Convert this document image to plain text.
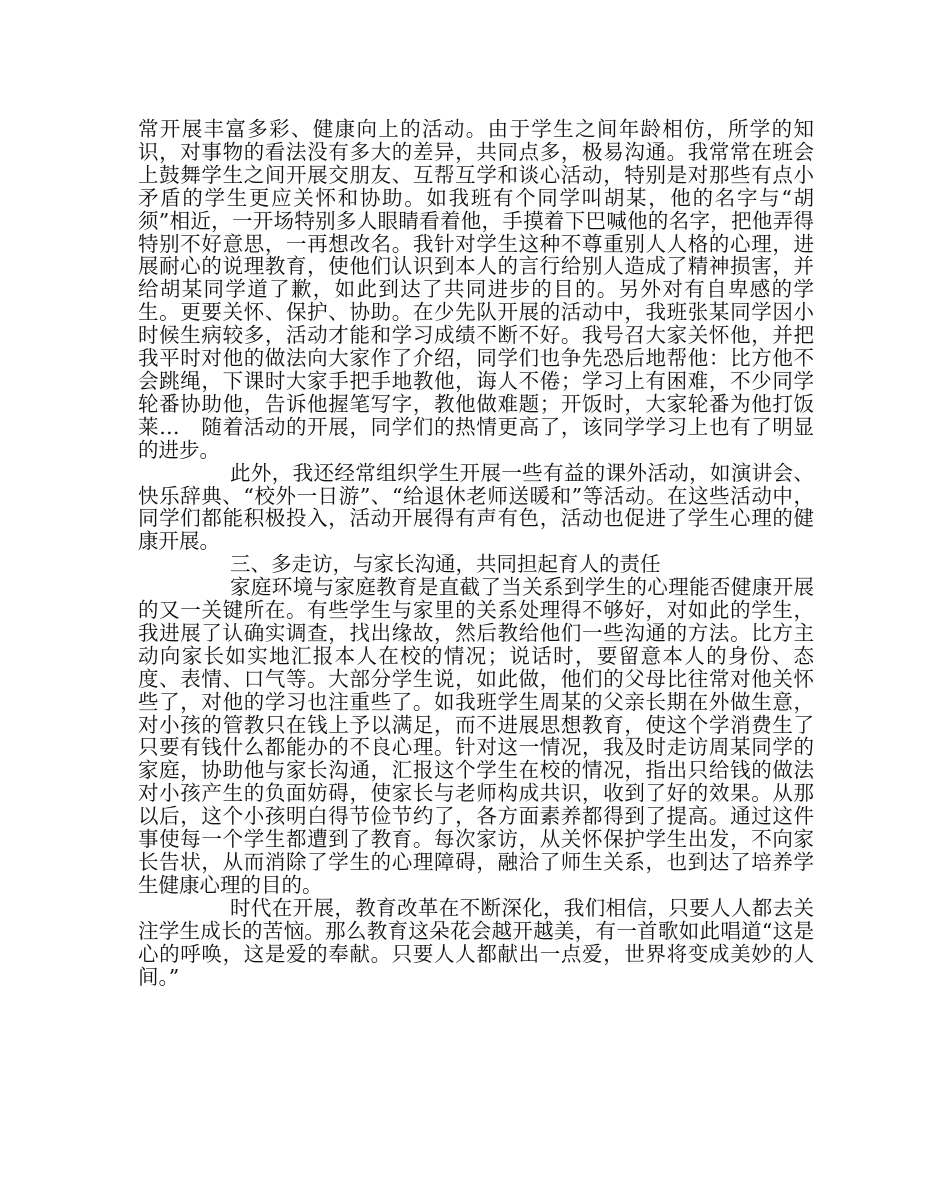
常开展丰富多彩、健康向上的活动。由于学生之间年龄相仿，所学的知识，对事物的看法没有多大的差异，共同点多，极易沟通。我常常在班会上鼓舞学生之间开展交朋友、互帮互学和谈心活动，特别是对那些有点小矛盾的学生更应关怀和协助。如我班有个同学叫胡某，他的名字与“胡须”相近，一开场特别多人眼睛看着他，手摸着下巴喊他的名字，把他弄得特别不好意思，一再想改名。我针对学生这种不尊重别人人格的心理，进展耐心的说理教育，使他们认识到本人的言行给别人造成了精神损害，并给胡某同学道了歉，如此到达了共同进步的目的。另外对有自卑感的学生。更要关怀、保护、协助。在少先队开展的活动中，我班张某同学因小时候生病较多，活动才能和学习成绩不断不好。我号召大家关怀他，并把我平时对他的做法向大家作了介绍，同学们也争先恐后地帮他：比方他不会跳绳，下课时大家手把手地教他，诲人不倦；学习上有困难，不少同学轮番协助他，告诉他握笔写字，教他做难题；开饭时，大家轮番为他打饭莱…　随着活动的开展，同学们的热情更高了，该同学学习上也有了明显的进步。

此外，我还经常组织学生开展一些有益的课外活动，如演讲会、快乐辞典、“校外一日游”、“给退休老师送暖和”等活动。在这些活动中，同学们都能积极投入，活动开展得有声有色，活动也促进了学生心理的健康开展。

三、多走访，与家长沟通，共同担起育人的责任

家庭环境与家庭教育是直截了当关系到学生的心理能否健康开展的又一关键所在。有些学生与家里的关系处理得不够好，对如此的学生，我进展了认确实调查，找出缘故，然后教给他们一些沟通的方法。比方主动向家长如实地汇报本人在校的情况；说话时，要留意本人的身份、态度、表情、口气等。大部分学生说，如此做，他们的父母比往常对他关怀些了，对他的学习也注重些了。如我班学生周某的父亲长期在外做生意，对小孩的管教只在钱上予以满足，而不进展思想教育，使这个学消费生了只要有钱什么都能办的不良心理。针对这一情况，我及时走访周某同学的家庭，协助他与家长沟通，汇报这个学生在校的情况，指出只给钱的做法对小孩产生的负面妨碍，使家长与老师构成共识，收到了好的效果。从那以后，这个小孩明白得节俭节约了，各方面素养都得到了提高。通过这件事使每一个学生都遭到了教育。每次家访，从关怀保护学生出发，不向家长告状，从而消除了学生的心理障碍，融洽了师生关系，也到达了培养学生健康心理的目的。

时代在开展，教育改革在不断深化，我们相信，只要人人都去关注学生成长的苦恼。那么教育这朵花会越开越美，有一首歌如此唱道“这是心的呼唤，这是爱的奉献。只要人人都献出一点爱，世界将变成美妙的人间。”
